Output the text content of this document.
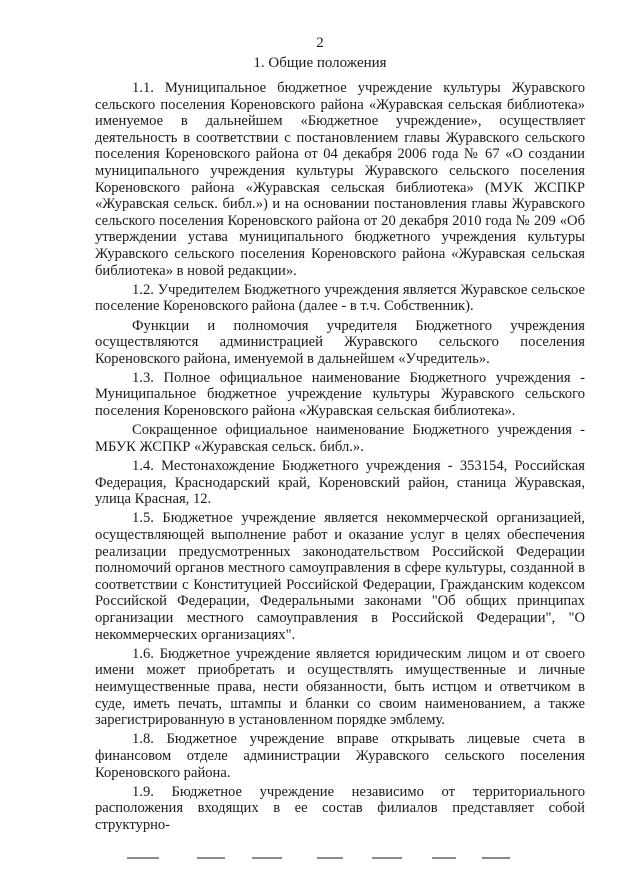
2
1. Общие положения

1.1. Муниципальное бюджетное учреждение культуры Журавского сельского поселения Кореновского района «Журавская сельская библиотека» именуемое в дальнейшем «Бюджетное учреждение», осуществляет деятельность в соответствии с постановлением главы Журавского сельского поселения Кореновского района от 04 декабря 2006 года № 67 «О создании муниципального учреждения культуры Журавского сельского поселения Кореновского района «Журавская сельская библиотека» (МУК ЖСПКР «Журавская сельск. библ.») и на основании постановления главы Журавского сельского поселения Кореновского района от 20 декабря 2010 года № 209 «Об утверждении устава муниципального бюджетного учреждения культуры Журавского сельского поселения Кореновского района «Журавская сельская библиотека» в новой редакции».

1.2. Учредителем Бюджетного учреждения является Журавское сельское поселение Кореновского района (далее - в т.ч. Собственник).

Функции и полномочия учредителя Бюджетного учреждения осуществляются администрацией Журавского сельского поселения Кореновского района, именуемой в дальнейшем «Учредитель».

1.3. Полное официальное наименование Бюджетного учреждения - Муниципальное бюджетное учреждение культуры Журавского сельского поселения Кореновского района «Журавская сельская библиотека».

Сокращенное официальное наименование Бюджетного учреждения - МБУК ЖСПКР «Журавская сельск. библ.».

1.4. Местонахождение Бюджетного учреждения - 353154, Российская Федерация, Краснодарский край, Кореновский район, станица Журавская, улица Красная, 12.

1.5. Бюджетное учреждение является некоммерческой организацией, осуществляющей выполнение работ и оказание услуг в целях обеспечения реализации предусмотренных законодательством Российской Федерации полномочий органов местного самоуправления в сфере культуры, созданной в соответствии с Конституцией Российской Федерации, Гражданским кодексом Российской Федерации, Федеральными законами "Об общих принципах организации местного самоуправления в Российской Федерации", "О некоммерческих организациях".

1.6. Бюджетное учреждение является юридическим лицом и от своего имени может приобретать и осуществлять имущественные и личные неимущественные права, нести обязанности, быть истцом и ответчиком в суде, иметь печать, штампы и бланки со своим наименованием, а также зарегистрированную в установленном порядке эмблему.

1.8. Бюджетное учреждение вправе открывать лицевые счета в финансовом отделе администрации Журавского сельского поселения Кореновского района.

1.9. Бюджетное учреждение независимо от территориального расположения входящих в ее состав филиалов представляет собой структурно-
